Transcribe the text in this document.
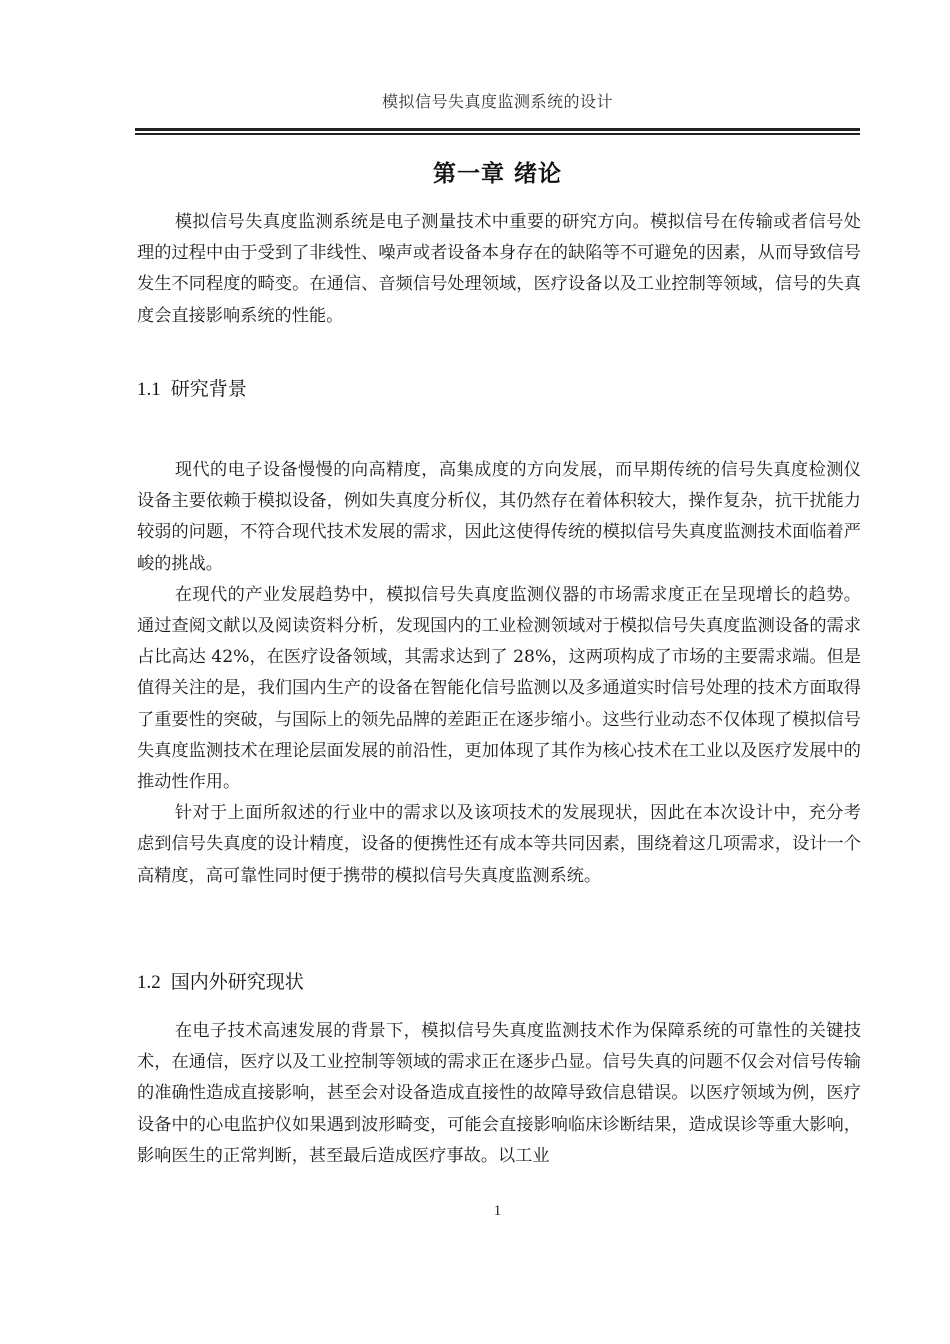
模拟信号失真度监测系统的设计
第一章 绪论

模拟信号失真度监测系统是电子测量技术中重要的研究方向。模拟信号在传输或者信号处理的过程中由于受到了非线性、噪声或者设备本身存在的缺陷等不可避免的因素，从而导致信号发生不同程度的畸变。在通信、音频信号处理领域，医疗设备以及工业控制等领域，信号的失真度会直接影响系统的性能。

1.1 研究背景

现代的电子设备慢慢的向高精度，高集成度的方向发展，而早期传统的信号失真度检测仪设备主要依赖于模拟设备，例如失真度分析仪，其仍然存在着体积较大，操作复杂，抗干扰能力较弱的问题，不符合现代技术发展的需求，因此这使得传统的模拟信号失真度监测技术面临着严峻的挑战。

在现代的产业发展趋势中，模拟信号失真度监测仪器的市场需求度正在呈现增长的趋势。通过查阅文献以及阅读资料分析，发现国内的工业检测领域对于模拟信号失真度监测设备的需求占比高达 42%，在医疗设备领域，其需求达到了 28%，这两项构成了市场的主要需求端。但是值得关注的是，我们国内生产的设备在智能化信号监测以及多通道实时信号处理的技术方面取得了重要性的突破，与国际上的领先品牌的差距正在逐步缩小。这些行业动态不仅体现了模拟信号失真度监测技术在理论层面发展的前沿性，更加体现了其作为核心技术在工业以及医疗发展中的推动性作用。

针对于上面所叙述的行业中的需求以及该项技术的发展现状，因此在本次设计中，充分考虑到信号失真度的设计精度，设备的便携性还有成本等共同因素，围绕着这几项需求，设计一个高精度，高可靠性同时便于携带的模拟信号失真度监测系统。

1.2 国内外研究现状

在电子技术高速发展的背景下，模拟信号失真度监测技术作为保障系统的可靠性的关键技术，在通信，医疗以及工业控制等领域的需求正在逐步凸显。信号失真的问题不仅会对信号传输的准确性造成直接影响，甚至会对设备造成直接性的故障导致信息错误。以医疗领域为例，医疗设备中的心电监护仪如果遇到波形畸变，可能会直接影响临床诊断结果，造成误诊等重大影响，影响医生的正常判断，甚至最后造成医疗事故。以工业

1
